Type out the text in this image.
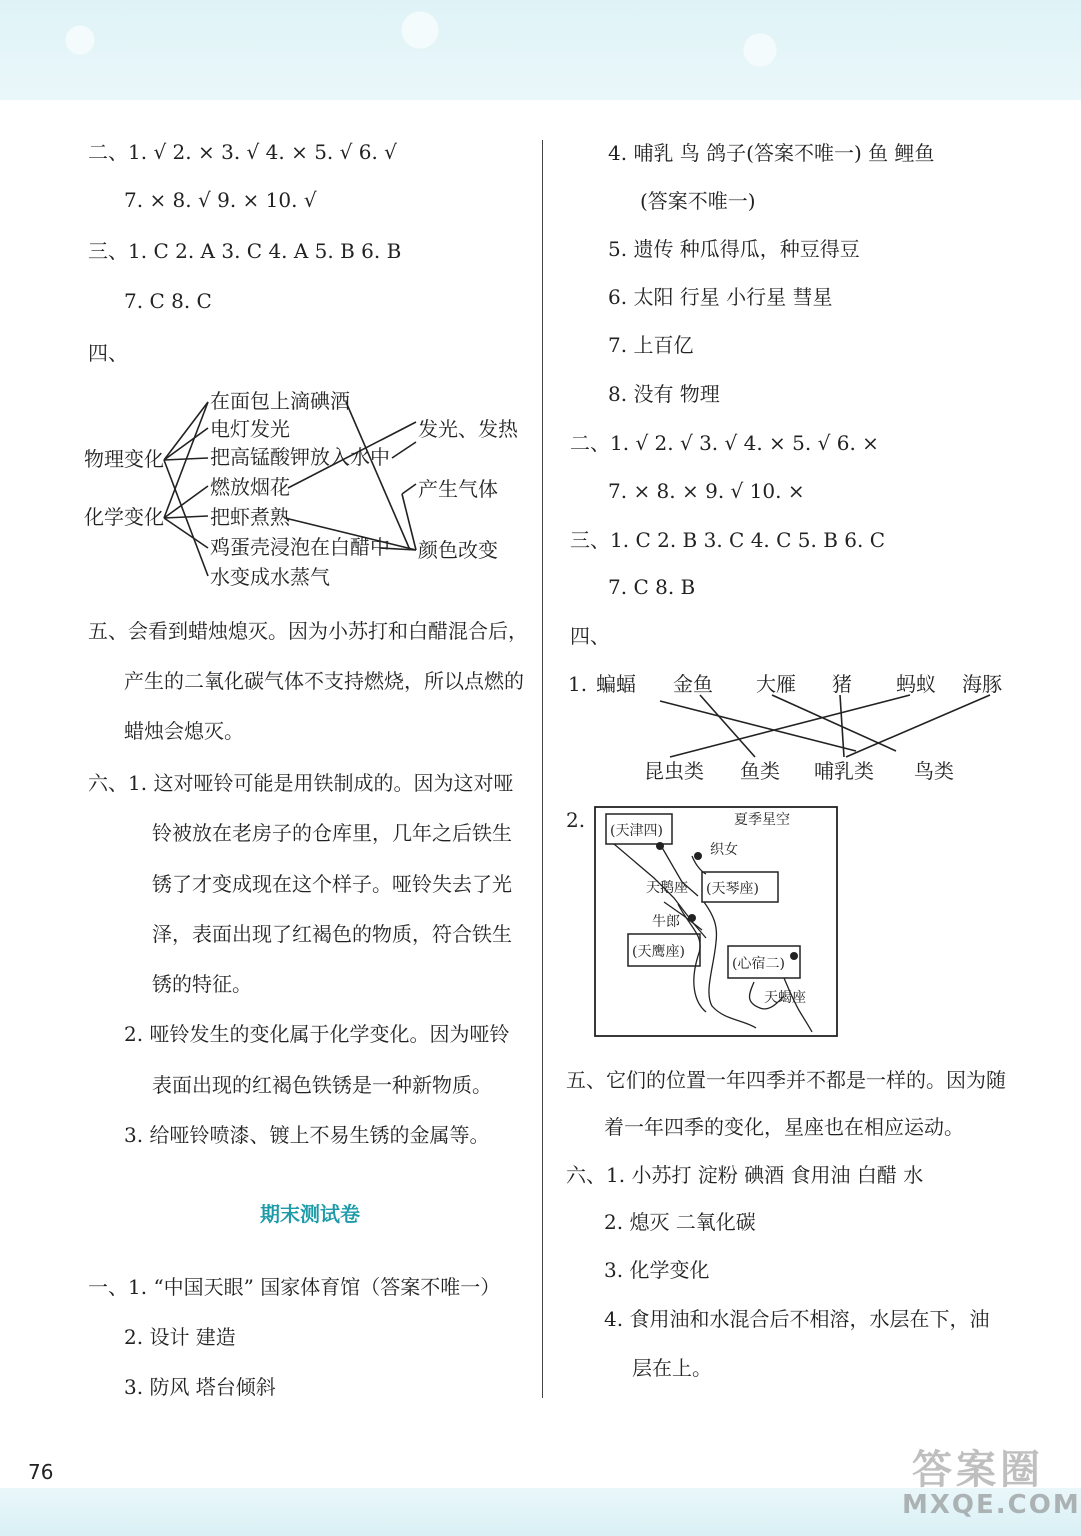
二、1. √ 2. × 3. √ 4. × 5. √ 6. √
7. × 8. √ 9. × 10. √
三、1. C 2. A 3. C 4. A 5. B 6. B
7. C 8. C
四、
物理变化
化学变化
在面包上滴碘酒
电灯发光
把高锰酸钾放入水中
燃放烟花
把虾煮熟
鸡蛋壳浸泡在白醋中
水变成水蒸气
发光、发热
产生气体
颜色改变
五、会看到蜡烛熄灭。因为小苏打和白醋混合后，
产生的二氧化碳气体不支持燃烧，所以点燃的
蜡烛会熄灭。
六、1. 这对哑铃可能是用铁制成的。因为这对哑
铃被放在老房子的仓库里，几年之后铁生
锈了才变成现在这个样子。哑铃失去了光
泽，表面出现了红褐色的物质，符合铁生
锈的特征。
2. 哑铃发生的变化属于化学变化。因为哑铃
表面出现的红褐色铁锈是一种新物质。
3. 给哑铃喷漆、镀上不易生锈的金属等。
期末测试卷
一、1. “中国天眼” 国家体育馆（答案不唯一）
2. 设计 建造
3. 防风 塔台倾斜
4. 哺乳 鸟 鸽子(答案不唯一) 鱼 鲤鱼
(答案不唯一)
5. 遗传 种瓜得瓜，种豆得豆
6. 太阳 行星 小行星 彗星
7. 上百亿
8. 没有 物理
二、1. √ 2. √ 3. √ 4. × 5. √ 6. ×
7. × 8. × 9. √ 10. ×
三、1. C 2. B 3. C 4. C 5. B 6. C
7. C 8. B
四、
1. 蝙蝠 金鱼 大雁 猪 蚂蚁 海豚
昆虫类 鱼类 哺乳类 鸟类
2.	夏季星空
(天津四)
(天琴座)
(天鹰座)
(心宿二)
织女
天鹅座
牛郎
天蝎座
五、它们的位置一年四季并不都是一样的。因为随
着一年四季的变化，星座也在相应运动。
六、1. 小苏打 淀粉 碘酒 食用油 白醋 水
2. 熄灭 二氧化碳
3. 化学变化
4. 食用油和水混合后不相溶，水层在下，油
层在上。
76	答案圈
MXQE.COM
